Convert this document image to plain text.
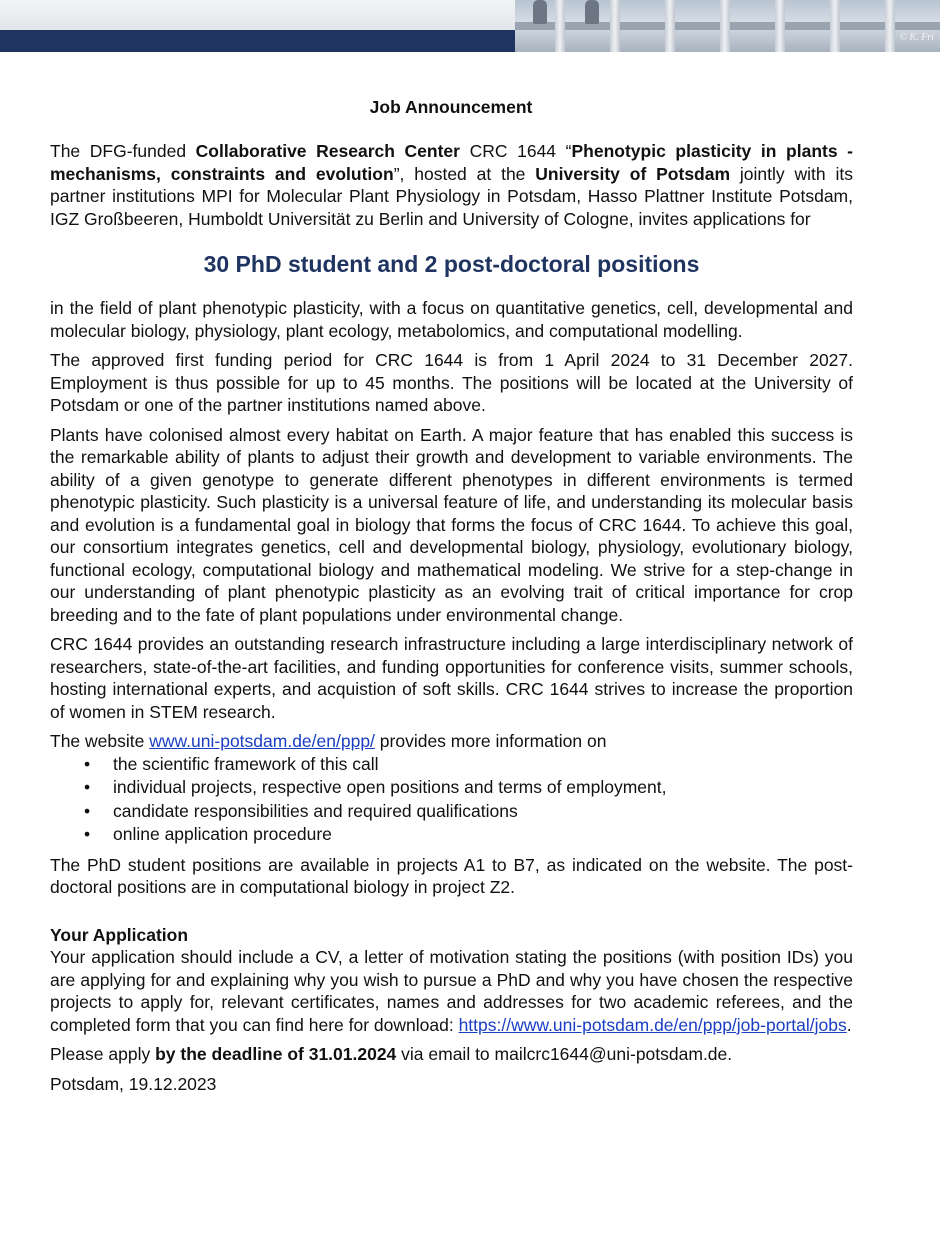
© K. Fri
Job Announcement

The DFG-funded Collaborative Research Center CRC 1644 “Phenotypic plasticity in plants - mechanisms, constraints and evolution”, hosted at the University of Potsdam jointly with its partner institutions MPI for Molecular Plant Physiology in Potsdam, Hasso Plattner Institute Potsdam, IGZ Großbeeren, Humboldt Universität zu Berlin and University of Cologne, invites applications for

30 PhD student and 2 post-doctoral positions

in the field of plant phenotypic plasticity, with a focus on quantitative genetics, cell, developmental and molecular biology, physiology, plant ecology, metabolomics, and computational modelling.

The approved first funding period for CRC 1644 is from 1 April 2024 to 31 December 2027. Employment is thus possible for up to 45 months. The positions will be located at the University of Potsdam or one of the partner institutions named above.

Plants have colonised almost every habitat on Earth. A major feature that has enabled this success is the remarkable ability of plants to adjust their growth and development to variable environments. The ability of a given genotype to generate different phenotypes in different environments is termed phenotypic plasticity. Such plasticity is a universal feature of life, and understanding its molecular basis and evolution is a fundamental goal in biology that forms the focus of CRC 1644. To achieve this goal, our consortium integrates genetics, cell and developmental biology, physiology, evolutionary biology, functional ecology, computational biology and mathematical modeling. We strive for a step-change in our understanding of plant phenotypic plasticity as an evolving trait of critical importance for crop breeding and to the fate of plant populations under environmental change.

CRC 1644 provides an outstanding research infrastructure including a large interdisciplinary network of researchers, state-of-the-art facilities, and funding opportunities for conference visits, summer schools, hosting international experts, and acquistion of soft skills. CRC 1644 strives to increase the proportion of women in STEM research.

The website www.uni-potsdam.de/en/ppp/ provides more information on

• the scientific framework of this call
• individual projects, respective open positions and terms of employment,
• candidate responsibilities and required qualifications
• online application procedure

The PhD student positions are available in projects A1 to B7, as indicated on the website. The post-doctoral positions are in computational biology in project Z2.

Your Application

Your application should include a CV, a letter of motivation stating the positions (with position IDs) you are applying for and explaining why you wish to pursue a PhD and why you have chosen the respective projects to apply for, relevant certificates, names and addresses for two academic referees, and the completed form that you can find here for download: https://www.uni-potsdam.de/en/ppp/job-portal/jobs.

Please apply by the deadline of 31.01.2024 via email to mailcrc1644@uni-potsdam.de.

Potsdam, 19.12.2023
